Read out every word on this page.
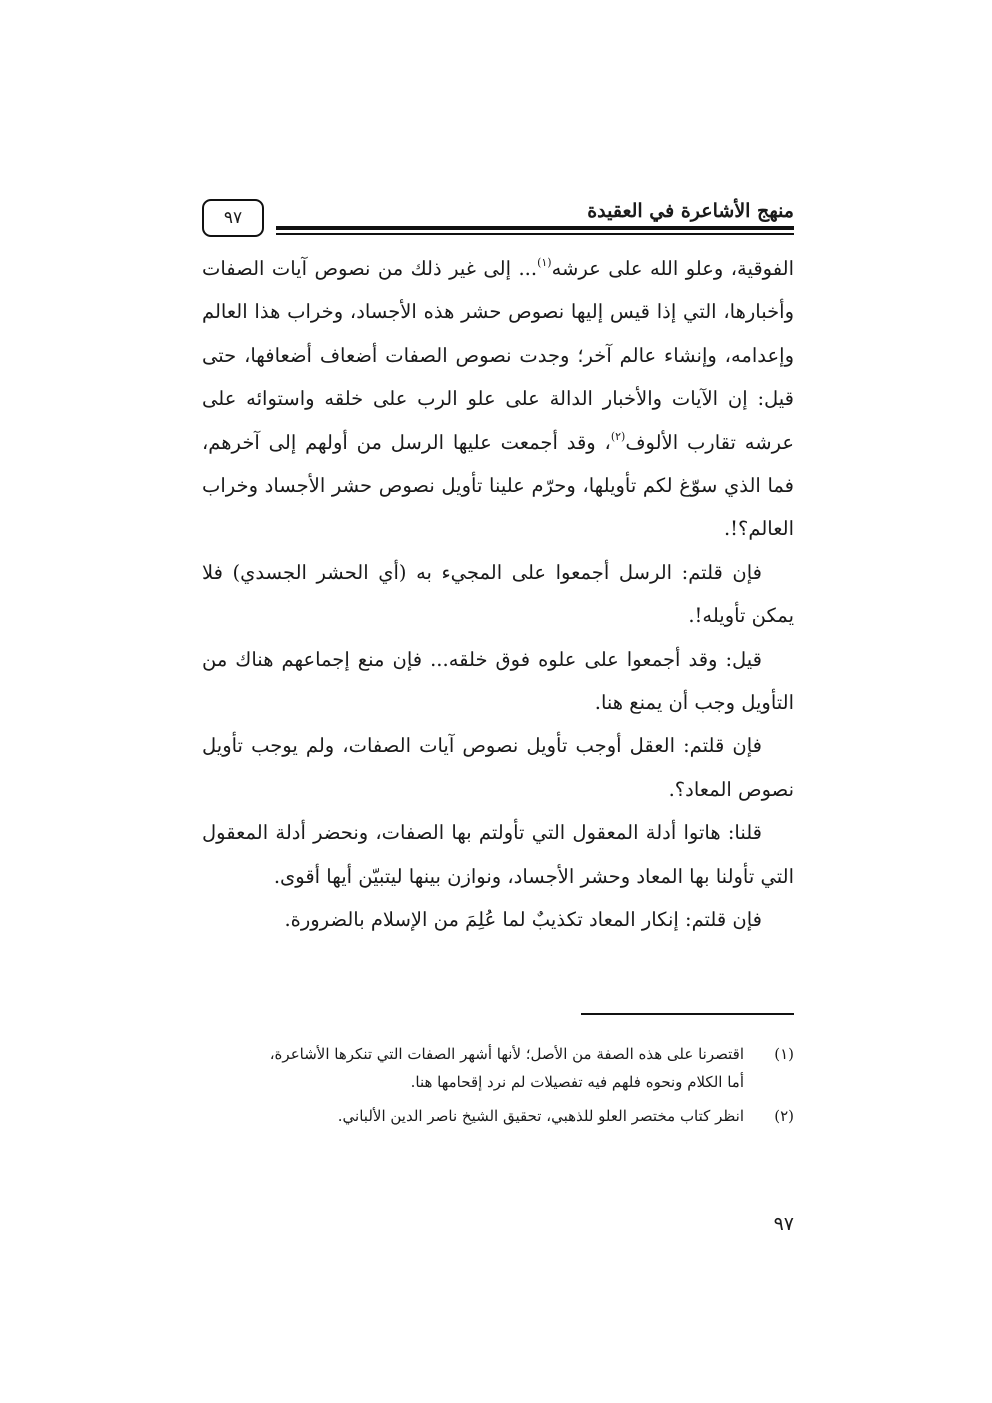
منهج الأشاعرة في العقيدة
٩٧

الفوقية، وعلو الله على عرشه$^{(١)}$... إلى غير ذلك من نصوص آيات الصفات وأخبارها، التي إذا قيس إليها نصوص حشر هذه الأجساد، وخراب هذا العالم وإعدامه، وإنشاء عالم آخر؛ وجدت نصوص الصفات أضعاف أضعافها، حتى قيل: إن الآيات والأخبار الدالة على علو الرب على خلقه واستوائه على عرشه تقارب الألوف$^{(٢)}$، وقد أجمعت عليها الرسل من أولهم إلى آخرهم، فما الذي سوّغ لكم تأويلها، وحرّم علينا تأويل نصوص حشر الأجساد وخراب العالم؟!.

فإن قلتم: الرسل أجمعوا على المجيء به (أي الحشر الجسدي) فلا يمكن تأويله!.

قيل: وقد أجمعوا على علوه فوق خلقه... فإن منع إجماعهم هناك من التأويل وجب أن يمنع هنا.

فإن قلتم: العقل أوجب تأويل نصوص آيات الصفات، ولم يوجب تأويل نصوص المعاد؟.

قلنا: هاتوا أدلة المعقول التي تأولتم بها الصفات، ونحضر أدلة المعقول التي تأولنا بها المعاد وحشر الأجساد، ونوازن بينها ليتبيّن أيها أقوى.

فإن قلتم: إنكار المعاد تكذيبٌ لما عُلِمَ من الإسلام بالضرورة.

(١)
اقتصرنا على هذه الصفة من الأصل؛ لأنها أشهر الصفات التي تنكرها الأشاعرة،
أما الكلام ونحوه فلهم فيه تفصيلات لم نرد إقحامها هنا.
(٢)
انظر كتاب مختصر العلو للذهبي، تحقيق الشيخ ناصر الدين الألباني.
٩٧
